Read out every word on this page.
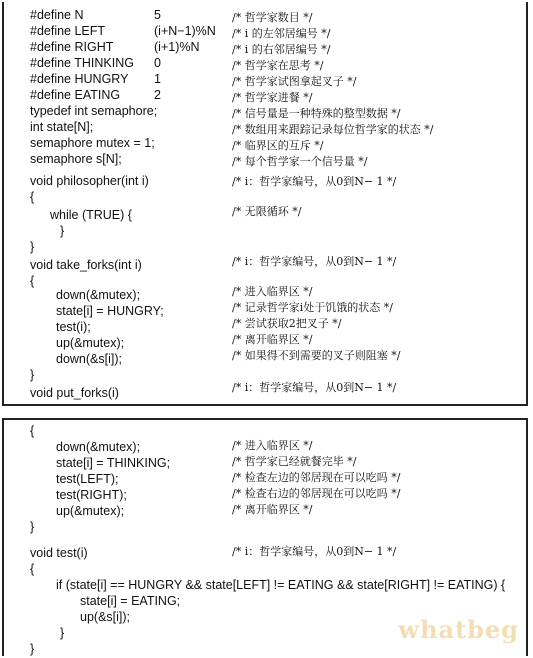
#define N	5	/* 哲学家数目 */
#define LEFT	(i+N−1)%N /* i 的左邻居编号 */
#define RIGHT	(i+1)%N	/* i 的右邻居编号 */
#define THINKING 0	/* 哲学家在思考 */
#define HUNGRY 1	/* 哲学家试图拿起叉子 */
#define EATING	2	/* 哲学家进餐 */
typedef int semaphore;	/* 信号量是一种特殊的整型数据 */
int state[N];	/* 数组用来跟踪记录每位哲学家的状态 */
semaphore mutex = 1;	/* 临界区的互斥 */
semaphore s[N];	/* 每个哲学家一个信号量 */
void philosopher(int i)	/* i：哲学家编号，从0到N− 1 */
{
while (TRUE) {	/* 无限循环 */
}
}
void take_forks(int i)	/* i：哲学家编号，从0到N− 1 */
{
down(&mutex);	/* 进入临界区 */
state[i] = HUNGRY;	/* 记录哲学家i处于饥饿的状态 */
test(i);	/* 尝试获取2把叉子 */
up(&mutex);	/* 离开临界区 */
down(&s[i]);	/* 如果得不到需要的叉子则阻塞 */
}
void put_forks(i)	/* i：哲学家编号，从0到N− 1 */
{
down(&mutex);	/* 进入临界区 */
state[i] = THINKING;	/* 哲学家已经就餐完毕 */
test(LEFT);	/* 检查左边的邻居现在可以吃吗 */
test(RIGHT);	/* 检查右边的邻居现在可以吃吗 */
up(&mutex);	/* 离开临界区 */
}
void test(i)	/* i：哲学家编号，从0到N− 1 */
{
if (state[i] == HUNGRY && state[LEFT] != EATING && state[RIGHT] != EATING) {
state[i] = EATING;
up(&s[i]);
}
}
whatbeg
